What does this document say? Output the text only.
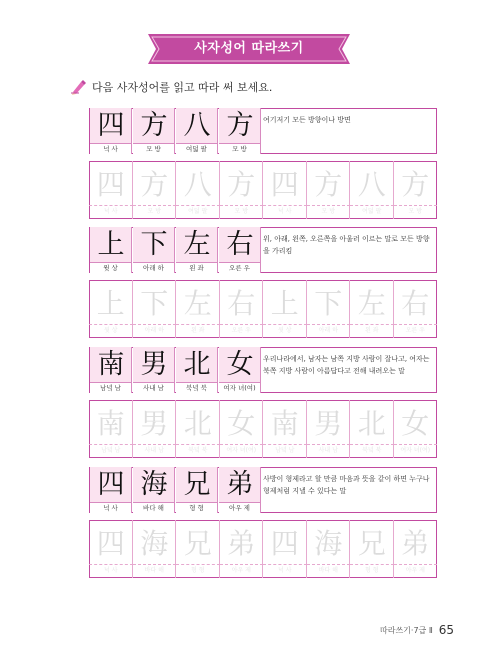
사자성어 따라쓰기
다음 사자성어를 읽고 따라 써 보세요.
四
넉 사
方
모 방
八
여덟 팔
方
모 방
여기저기 모든 방향이나 방면
四
넉 사
方
모 방
八
여덟 팔
方
모 방
四
넉 사
方
모 방
八
여덟 팔
方
모 방
上
윗 상
下
아래 하
左
왼 좌
右
오른 우
위, 아래, 왼쪽, 오른쪽을 아울러 이르는 말로 모든 방향을 가리킴
上
윗 상
下
아래 하
左
왼 좌
右
오른 우
上
윗 상
下
아래 하
左
왼 좌
右
오른 우
南
남녘 남
男
사내 남
北
북녘 북
女
여자 녀(여)
우리나라에서, 남자는 남쪽 지방 사람이 잘나고, 여자는 북쪽 지방 사람이 아름답다고 전해 내려오는 말
南
남녘 남
男
사내 남
北
북녘 북
女
여자 녀(여)
南
남녘 남
男
사내 남
北
북녘 북
女
여자 녀(여)
四
넉 사
海
바다 해
兄
형 형
弟
아우 제
사방이 형제라고 할 만큼 마음과 뜻을 같이 하면 누구나 형제처럼 지낼 수 있다는 말
四
넉 사
海
바다 해
兄
형 형
弟
아우 제
四
넉 사
海
바다 해
兄
형 형
弟
아우 제
따라쓰기·7급 Ⅱ 65
